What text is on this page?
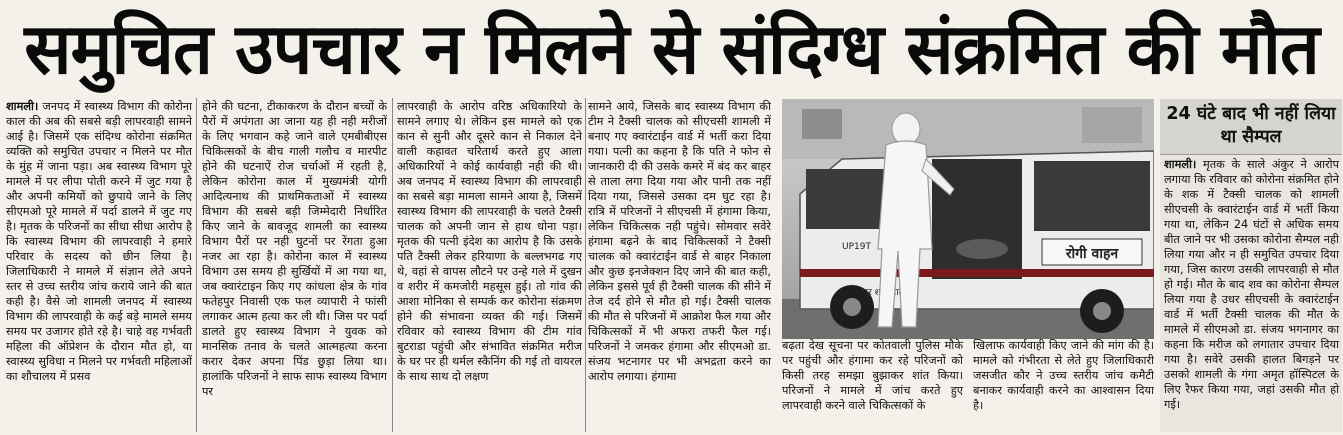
समुचित उपचार न मिलने से संदिग्ध संक्रमित की मौत

शामली। जनपद में स्वास्थ्य विभाग की कोरोना काल की अब की सबसे बड़ी लापरवाही सामने आई है। जिसमें एक संदिग्ध कोरोना संक्रमित व्यक्ति को समुचित उपचार न मिलने पर मौत के मुंह में जाना पड़ा। अब स्वास्थ्य विभाग पूरे मामले में पर लीपा पोती करने में जुट गया है और अपनी कमियों को छुपाये जाने के लिए सीएमओ पूरे मामले में पर्दा डालने में जुट गए है। मृतक के परिजनों का सीधा सीधा आरोप है कि स्वास्थ्य विभाग की लापरवाही ने हमारे परिवार के सदस्य को छीन लिया है। जिलाधिकारी ने मामले में संज्ञान लेते अपने स्तर से उच्च स्तरीय जांच कराये जाने की बात कही है। वैसे जो शामली जनपद में स्वास्थ्य विभाग की लापरवाही के कई बड़े मामले समय समय पर उजागर होते रहे है। चाहे वह गर्भवती महिला की ऑप्रेशन के दौरान मौत हो, या स्वास्थ्य सुविधा न मिलने पर गर्भवती महिलाओं का शौचालय में प्रसव

होने की घटना, टीकाकरण के दौरान बच्चों के पैरों में अपंगता आ जाना यह ही नही मरीजों के लिए भगवान कहे जाने वाले एमबीबीएस चिकित्सकों के बीच गाली गलौच व मारपीट होने की घटनाऐं रोज चर्चाओं में रहती है, लेकिन कोरोना काल में मुख्यमंत्री योगी आदित्यनाथ की प्राथमिकताओं में स्वास्थ्य विभाग की सबसे बड़ी जिम्मेदारी निर्धारित किए जाने के बावजूद शामली का स्वास्थ्य विभाग पैरों पर नही घुटनों पर रेंगता हुआ नजर आ रहा है। कोरोना काल में स्वास्थ्य विभाग उस समय ही सुर्खियों में आ गया था, जब क्वारंटाइन किए गए कांधला क्षेत्र के गांव फतेहपुर निवासी एक फल व्यापारी ने फांसी लगाकर आत्म हत्या कर ली थी। जिस पर पर्दा डालते हुए स्वास्थ्य विभाग ने युवक को मानसिक तनाव के चलते आत्महत्या करना करार देकर अपना पिंड छुड़ा लिया था। हालांकि परिजनों ने साफ साफ स्वास्थ्य विभाग पर

लापरवाही के आरोप वरिष्ठ अधिकारियो के सामने लगाए थे। लेकिन इस मामले को एक कान से सुनी और दूसरे कान से निकाल देने वाली कहावत चरितार्थ करते हुए आला अधिकारियों ने कोई कार्यवाही नही की थी। अब जनपद में स्वास्थ्य विभाग की लापरवाही का सबसे बड़ा मामला सामने आया है, जिसमें स्वास्थ्य विभाग की लापरवाही के चलते टैक्सी चालक को अपनी जान से हाथ धोना पड़ा। मृतक की पत्नी इंदेश का आरोप है कि उसके पति टैक्सी लेकर हरियाणा के बल्लभगढ गए थे, वहां से वापस लौटने पर उन्हे गले में दुखन व शरीर में कमजोरी महसूस हुई। तो गांव की आशा मोनिका से सम्पर्क कर कोरोना संक्रमण होने की संभावना व्यक्त की गई। जिसमें रविवार को स्वास्थ्य विभाग की टीम गांव बुटराडा पहुंची और संभावित संक्रमित मरीज के घर पर ही थर्मल स्कैनिंग की गई तो वायरल के साथ साथ दो लक्षण

सामने आये, जिसके बाद स्वास्थ्य विभाग की टीम ने टैक्सी चालक को सीएचसी शामली में बनाए गए क्वारंटाईन वार्ड में भर्ती करा दिया गया। पत्नी का कहना है कि पति ने फोन से जानकारी दी की उसके कमरे में बंद कर बाहर से ताला लगा दिया गया और पानी तक नहीं दिया गया, जिससे उसका दम घुट रहा है। रात्रि में परिजनों ने सीएचसी में हंगामा किया, लेकिन चिकित्सक नही पहुंचे। सोमवार सवेरे हंगामा बढ़ने के बाद चिकित्सकों ने टैक्सी चालक को क्वारंटाईन वार्ड से बाहर निकाला और कुछ इनजेक्शन दिए जाने की बात कही, लेकिन इससे पूर्व ही टैक्सी चालक की सीने में तेज दर्द होने से मौत हो गई। टैक्सी चालक की मौत से परिजनों में आक्रोश फैल गया और चिकित्सकों में भी अफरा तफरी फैल गई। परिजनों ने जमकर हंगामा और सीएमओ डा. संजय भटनागर पर भी अभद्रता करने का आरोप लगाया। हंगामा

रोगी वाहन
UP19T
बढ़ता देख सूचना पर कोतवाली पुलिस मौके पर पहुंची और हंगामा कर रहे परिजनों को किसी तरह समझा बुझाकर शांत किया। परिजनों ने मामले में जांच करते हुए लापरवाही करने वाले चिकित्सकों के
खिलाफ कार्यवाही किए जाने की मांग की है। मामले को गंभीरता से लेते हुए जिलाधिकारी जसजीत कौर ने उच्च स्तरीय जांच कमैटी बनाकर कार्यवाही करने का आश्वासन दिया है।
24 घंटे बाद भी नहीं लिया था सैम्पल
शामली। मृतक के साले अंकुर ने आरोप लगाया कि रविवार को कोरोना संक्रमित होने के शक में टैक्सी चालक को शामली सीएचसी के क्वारंटाईन वार्ड में भर्ती किया गया था, लेकिन 24 घंटों से अधिक समय बीत जाने पर भी उसका कोरोना सैम्पल नही लिया गया और न ही समुचित उपचार दिया गया, जिस कारण उसकी लापरवाही से मौत हो गई। मौत के बाद शव का कोरोना सैम्पल लिया गया है उधर सीएचसी के क्वारंटाईन वार्ड में भर्ती टैक्सी चालक की मौत के मामले में सीएमओ डा. संजय भगनागर का कहना कि मरीज को लगातार उपचार दिया गया है। सवेरे उसकी हालत बिगड़ने पर उसको शामली के गंगा अमृत हॉस्पिटल के लिए रैफर किया गया, जहां उसकी मौत हो गई।
